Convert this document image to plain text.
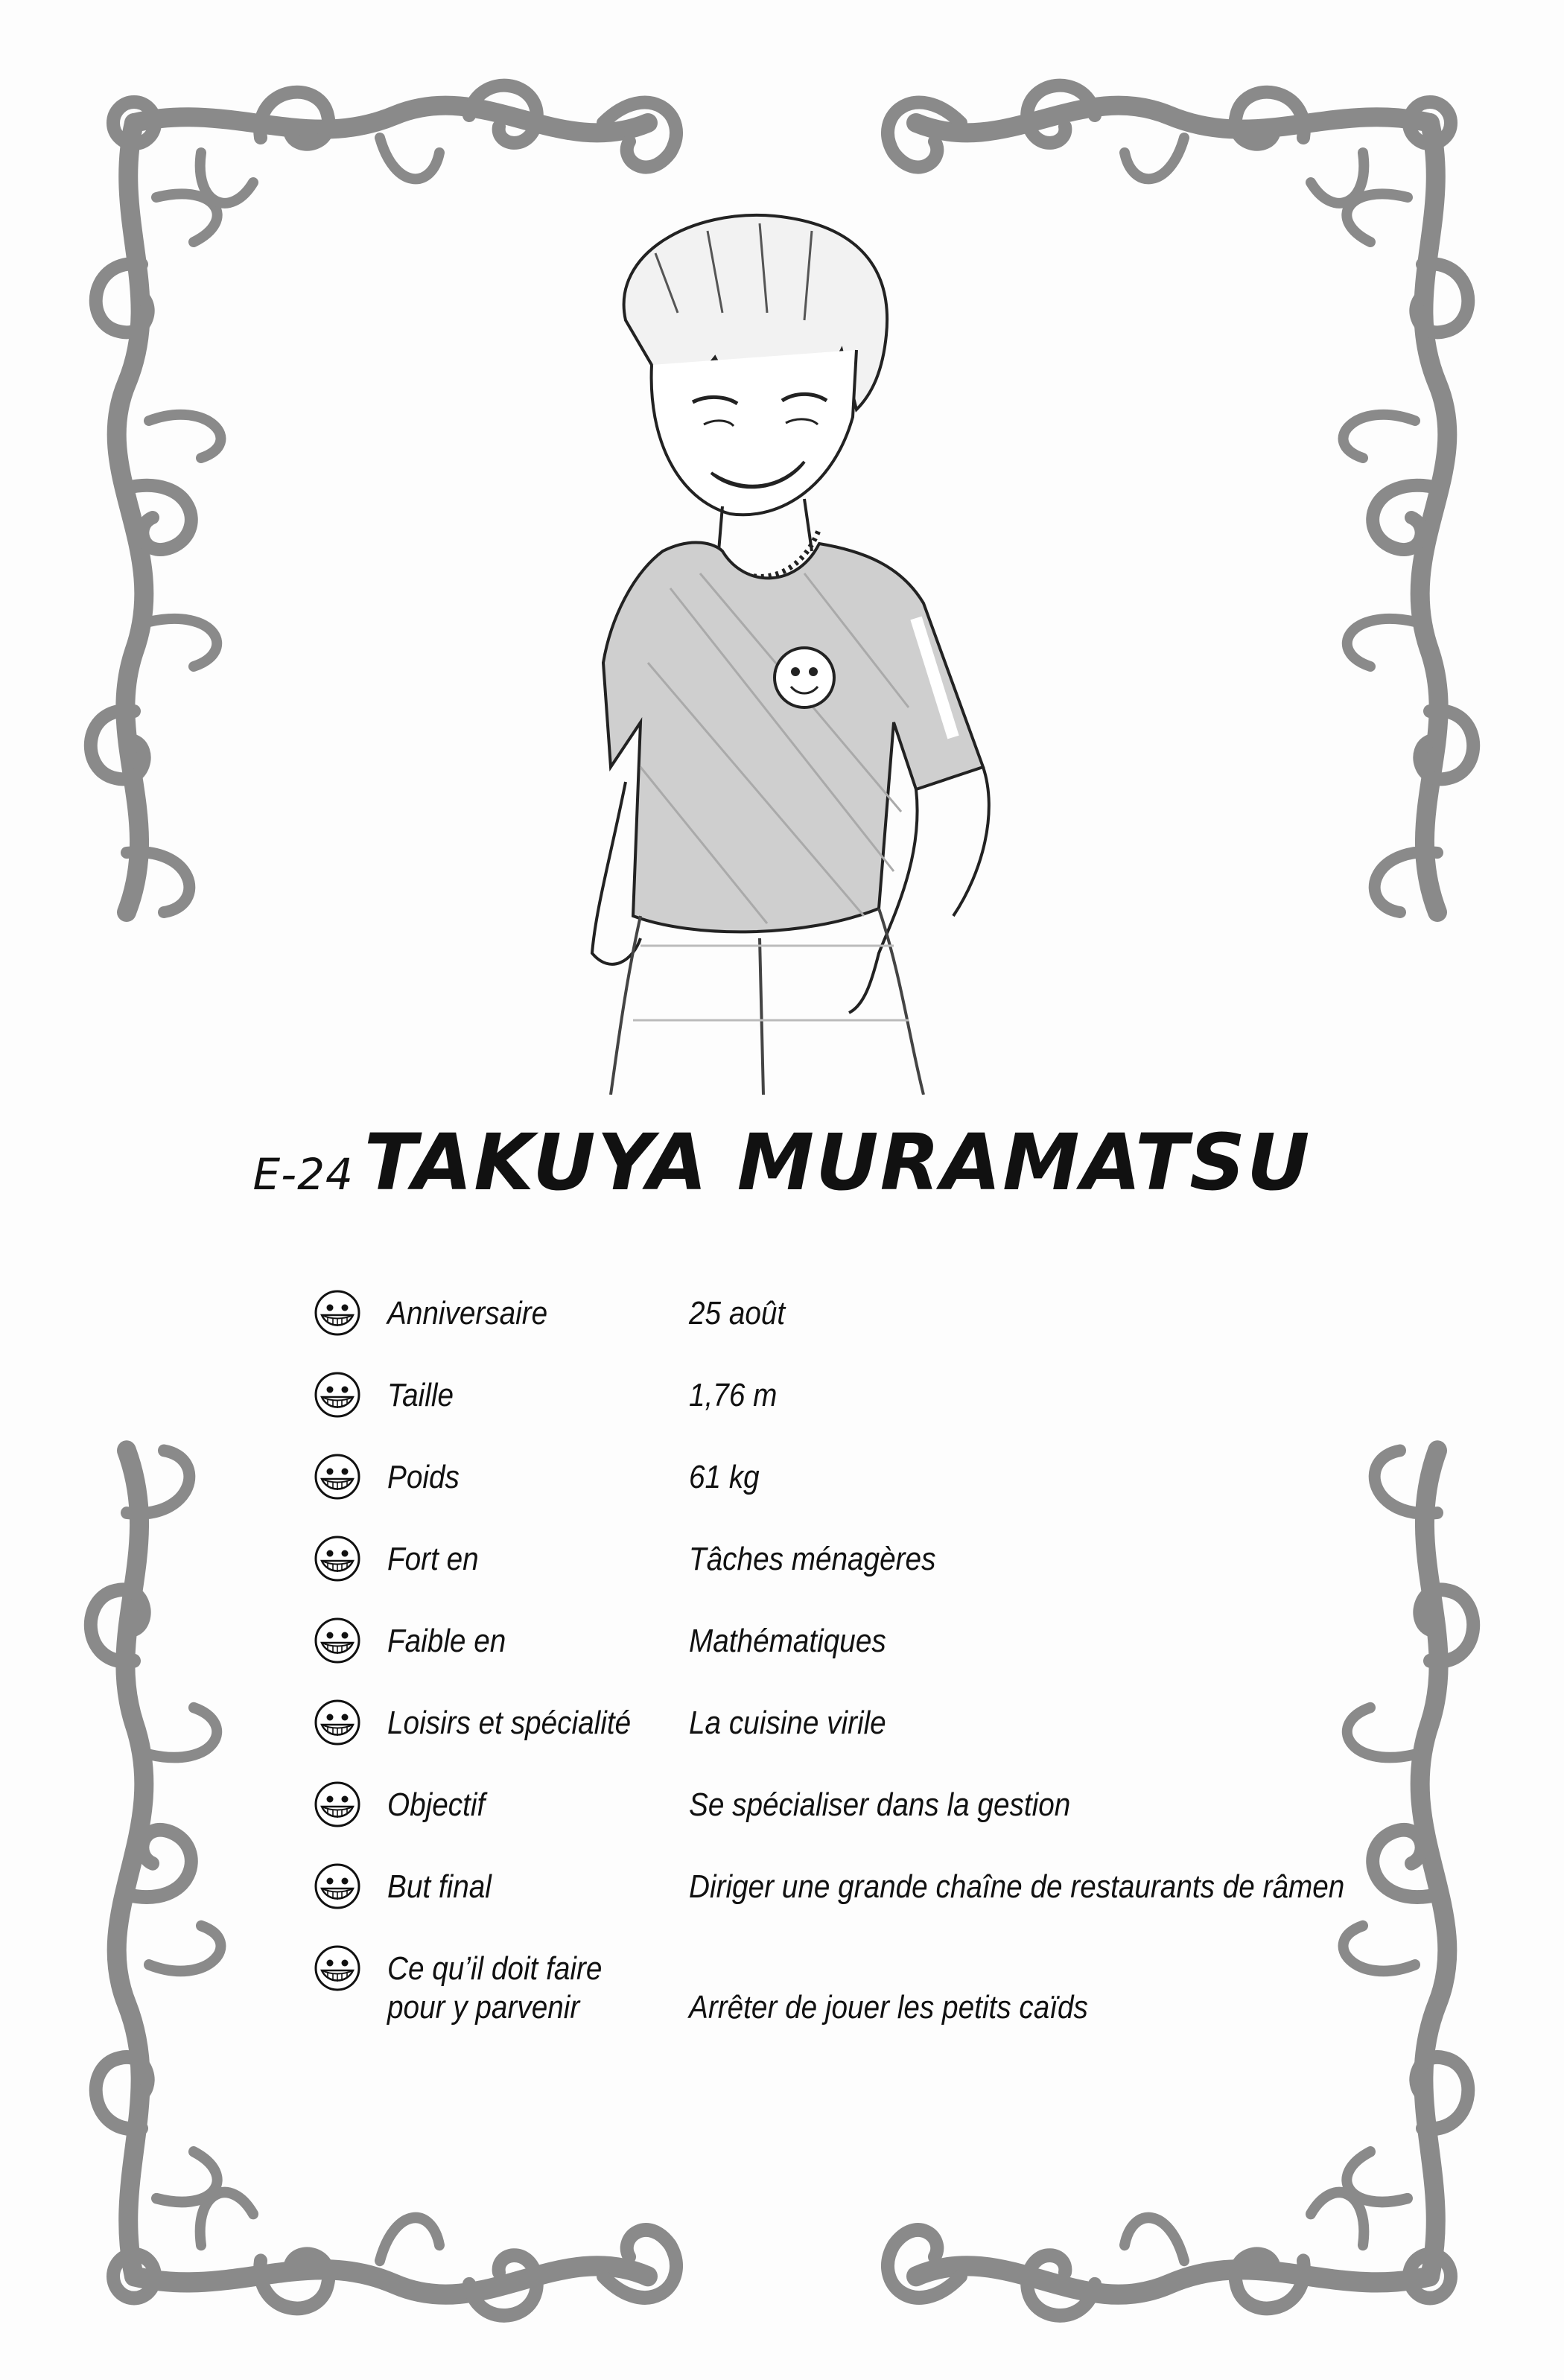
E-24 TAKUYA MURAMATSU
Anniversaire	25 août
Taille	1,76 m
Poids	61 kg
Fort en	Tâches ménagères
Faible en	Mathématiques
Loisirs et spécialité	La cuisine virile
Objectif	Se spécialiser dans la gestion
But final	Diriger une grande chaîne de restaurants de râmen
Ce qu’il doit faire
pour y parvenir	Arrêter de jouer les petits caïds
